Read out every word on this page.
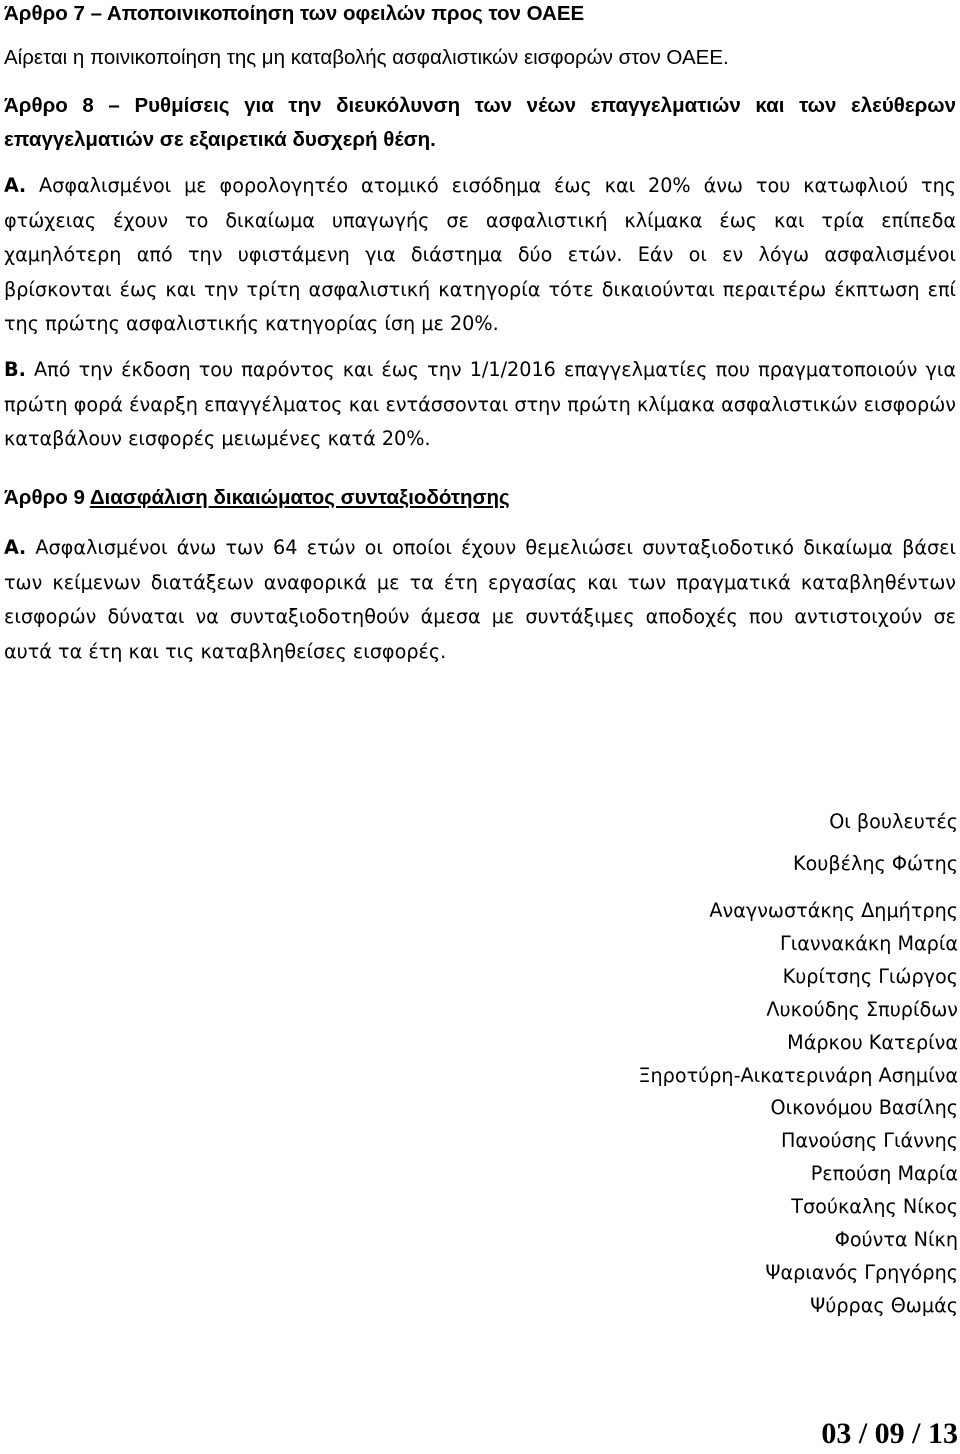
Άρθρο 7 – Αποποινικοποίηση των οφειλών προς τον ΟΑΕΕ

Αίρεται η ποινικοποίηση της μη καταβολής ασφαλιστικών εισφορών στον ΟΑΕΕ.

Άρθρο 8 – Ρυθμίσεις για την διευκόλυνση των νέων επαγγελματιών και των ελεύθερων επαγγελματιών σε εξαιρετικά δυσχερή θέση.

Α. Ασφαλισμένοι με φορολογητέο ατομικό εισόδημα έως και 20% άνω του κατωφλιού της φτώχειας έχουν το δικαίωμα υπαγωγής σε ασφαλιστική κλίμακα έως και τρία επίπεδα χαμηλότερη από την υφιστάμενη για διάστημα δύο ετών. Εάν οι εν λόγω ασφαλισμένοι βρίσκονται έως και την τρίτη ασφαλιστική κατηγορία τότε δικαιούνται περαιτέρω έκπτωση επί της πρώτης ασφαλιστικής κατηγορίας ίση με 20%.

Β. Από την έκδοση του παρόντος και έως την 1/1/2016 επαγγελματίες που πραγματοποιούν για πρώτη φορά έναρξη επαγγέλματος και εντάσσονται στην πρώτη κλίμακα ασφαλιστικών εισφορών καταβάλουν εισφορές μειωμένες κατά 20%.

Άρθρο 9 Διασφάλιση δικαιώματος συνταξιοδότησης

Α. Ασφαλισμένοι άνω των 64 ετών οι οποίοι έχουν θεμελιώσει συνταξιοδοτικό δικαίωμα βάσει των κείμενων διατάξεων αναφορικά με τα έτη εργασίας και των πραγματικά καταβληθέντων εισφορών δύναται να συνταξιοδοτηθούν άμεσα με συντάξιμες αποδοχές που αντιστοιχούν σε αυτά τα έτη και τις καταβληθείσες εισφορές.

Οι βουλευτές

Κουβέλης Φώτης

Αναγνωστάκης Δημήτρης
Γιαννακάκη Μαρία
Κυρίτσης Γιώργος
Λυκούδης Σπυρίδων
Μάρκου Κατερίνα
Ξηροτύρη-Αικατερινάρη Ασημίνα
Οικονόμου Βασίλης
Πανούσης Γιάννης
Ρεπούση Μαρία
Τσούκαλης Νίκος
Φούντα Νίκη
Ψαριανός Γρηγόρης
Ψύρρας Θωμάς

03 / 09 / 13
